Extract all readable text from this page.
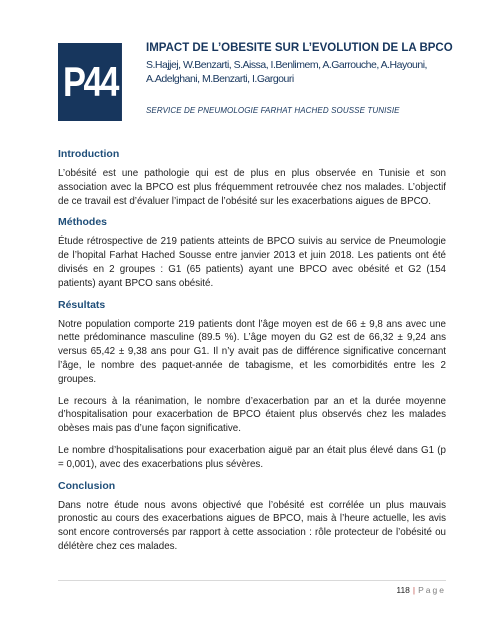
P44
IMPACT DE L’OBESITE SUR L’EVOLUTION DE LA BPCO
S.Hajjej, W.Benzarti, S.Aissa, I.Benlimem, A.Garrouche, A.Hayouni, A.Adelghani, M.Benzarti, I.Gargouri
SERVICE DE PNEUMOLOGIE FARHAT HACHED SOUSSE TUNISIE
Introduction

L’obésité est une pathologie qui est de plus en plus observée en Tunisie et son association avec la BPCO est plus fréquemment retrouvée chez nos malades. L’objectif de ce travail est d’évaluer l’impact de l’obésité sur les exacerbations aigues de BPCO.

Méthodes

Étude rétrospective de 219 patients atteints de BPCO suivis au service de Pneumologie de l’hopital Farhat Hached Sousse entre janvier 2013 et juin 2018. Les patients ont été divisés en 2 groupes : G1 (65 patients) ayant une BPCO avec obésité et G2 (154 patients) ayant BPCO sans obésité.

Résultats

Notre population comporte 219 patients dont l’âge moyen est de 66 ± 9,8 ans avec une nette prédominance masculine (89.5 %). L’âge moyen du G2 est de 66,32 ± 9,24 ans versus 65,42 ± 9,38 ans pour G1. Il n’y avait pas de différence significative concernant l’âge, le nombre des paquet-année de tabagisme, et les comorbidités entre les 2 groupes.

Le recours à la réanimation, le nombre d’exacerbation par an et la durée moyenne d’hospitalisation pour exacerbation de BPCO étaient plus observés chez les malades obèses mais pas d’une façon significative.

Le nombre d’hospitalisations pour exacerbation aiguë par an était plus élevé dans G1 (p = 0,001), avec des exacerbations plus sévères.

Conclusion

Dans notre étude nous avons objectivé que l’obésité est corrélée un plus mauvais pronostic au cours des exacerbations aigues de BPCO, mais à l’heure actuelle, les avis sont encore controversés par rapport à cette association : rôle protecteur de l’obésité ou délétère chez ces malades.

118 | Page
